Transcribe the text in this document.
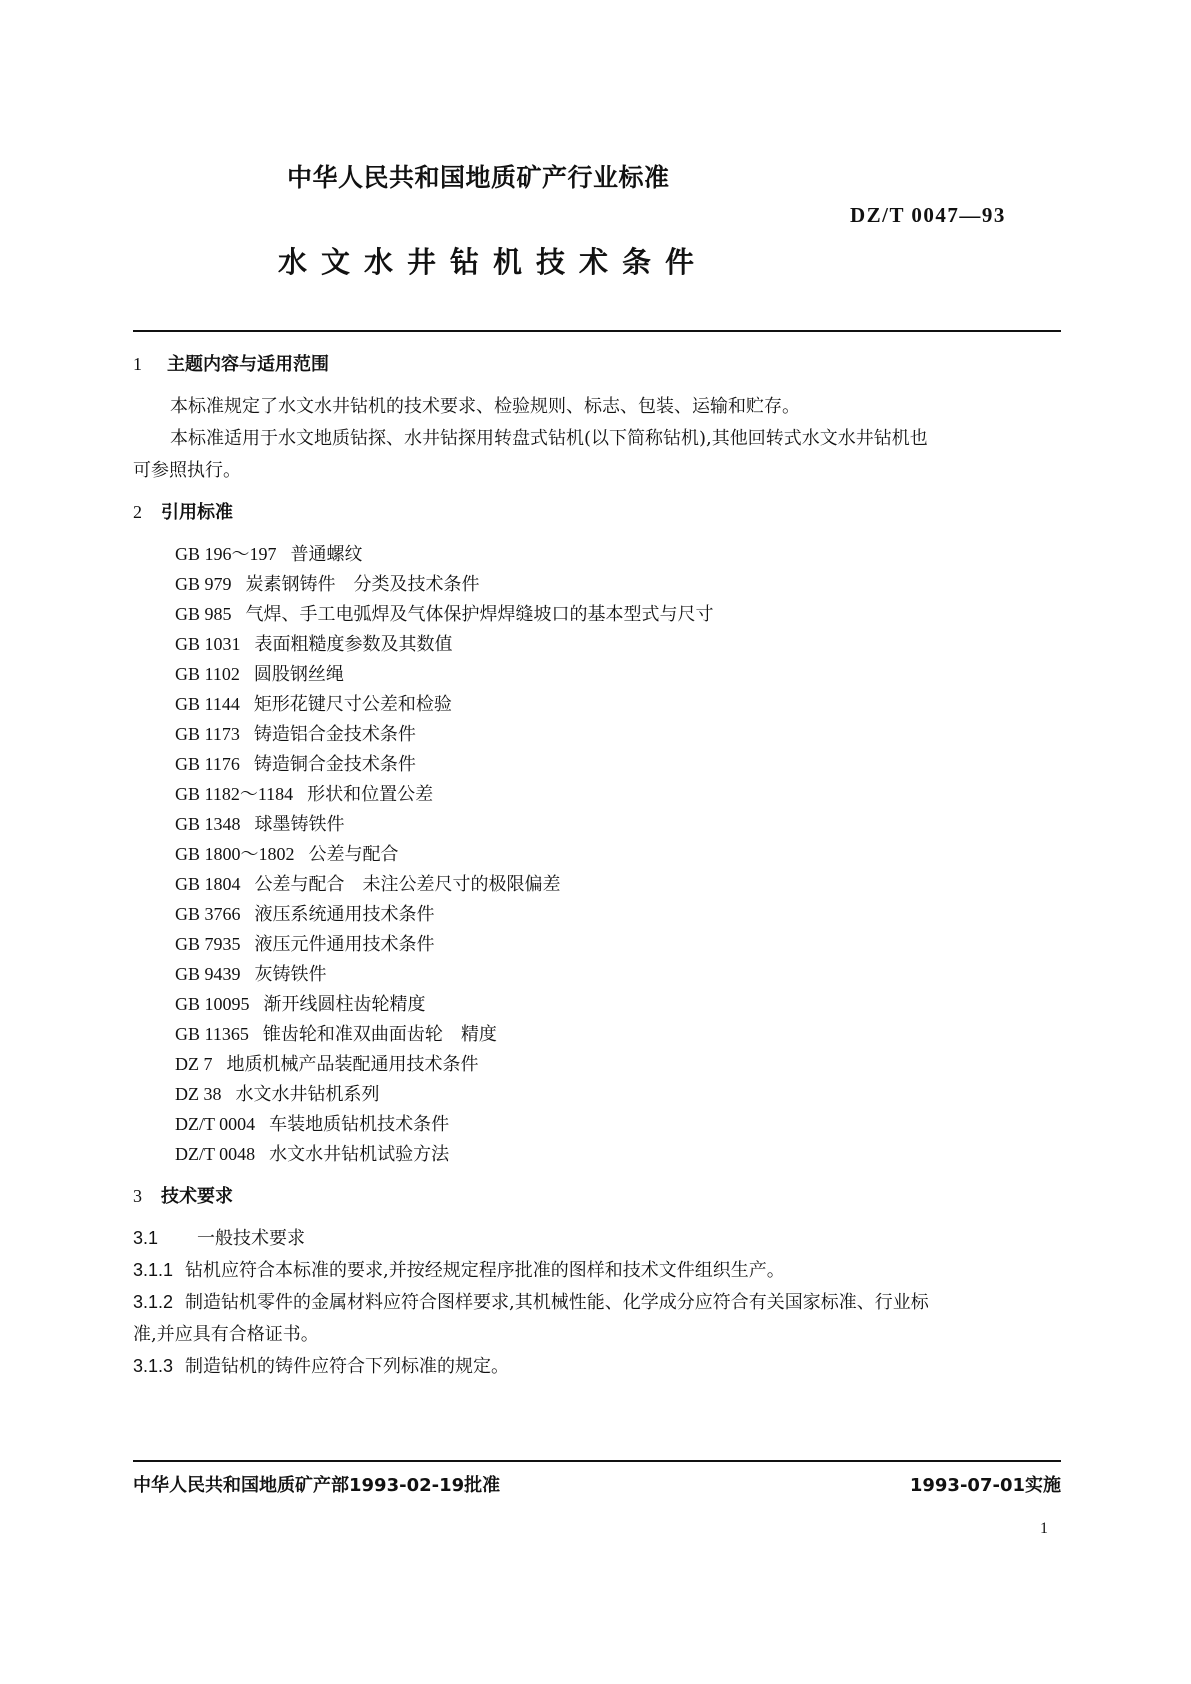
中华人民共和国地质矿产行业标准
DZ/T 0047—93
水文水井钻机技术条件
1 主题内容与适用范围
本标准规定了水文水井钻机的技术要求、检验规则、标志、包装、运输和贮存。
本标准适用于水文地质钻探、水井钻探用转盘式钻机(以下简称钻机),其他回转式水文水井钻机也
可参照执行。
2 引用标准
GB 196～197 普通螺纹
GB 979 炭素钢铸件　分类及技术条件
GB 985 气焊、手工电弧焊及气体保护焊焊缝坡口的基本型式与尺寸
GB 1031 表面粗糙度参数及其数值
GB 1102 圆股钢丝绳
GB 1144 矩形花键尺寸公差和检验
GB 1173 铸造铝合金技术条件
GB 1176 铸造铜合金技术条件
GB 1182～1184 形状和位置公差
GB 1348 球墨铸铁件
GB 1800～1802 公差与配合
GB 1804 公差与配合　未注公差尺寸的极限偏差
GB 3766 液压系统通用技术条件
GB 7935 液压元件通用技术条件
GB 9439 灰铸铁件
GB 10095 渐开线圆柱齿轮精度
GB 11365 锥齿轮和准双曲面齿轮　精度
DZ 7 地质机械产品装配通用技术条件
DZ 38 水文水井钻机系列
DZ/T 0004 车装地质钻机技术条件
DZ/T 0048 水文水井钻机试验方法
3 技术要求
3.1 一般技术要求
3.1.1 钻机应符合本标准的要求,并按经规定程序批准的图样和技术文件组织生产。
3.1.2 制造钻机零件的金属材料应符合图样要求,其机械性能、化学成分应符合有关国家标准、行业标
准,并应具有合格证书。
3.1.3 制造钻机的铸件应符合下列标准的规定。
中华人民共和国地质矿产部1993-02-19批准	1993-07-01实施
1
